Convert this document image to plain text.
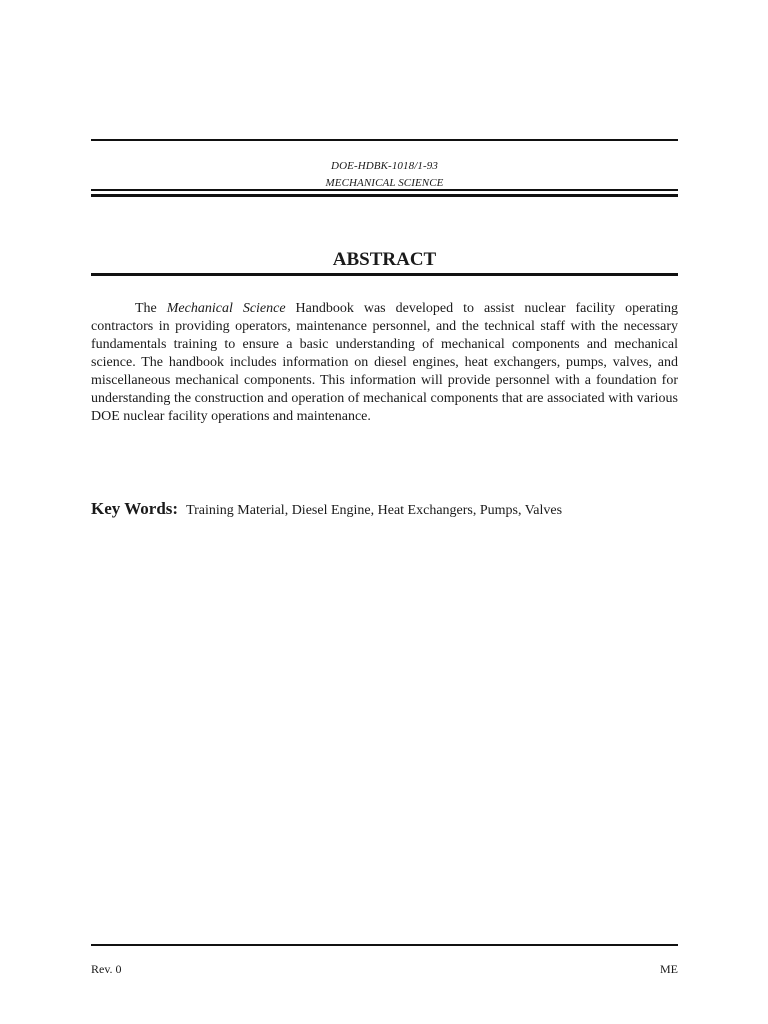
DOE-HDBK-1018/1-93
MECHANICAL SCIENCE
ABSTRACT

The Mechanical Science Handbook was developed to assist nuclear facility operating contractors in providing operators, maintenance personnel, and the technical staff with the necessary fundamentals training to ensure a basic understanding of mechanical components and mechanical science. The handbook includes information on diesel engines, heat exchangers, pumps, valves, and miscellaneous mechanical components. This information will provide personnel with a foundation for understanding the construction and operation of mechanical components that are associated with various DOE nuclear facility operations and maintenance.

Key Words: Training Material, Diesel Engine, Heat Exchangers, Pumps, Valves
Rev. 0	ME
